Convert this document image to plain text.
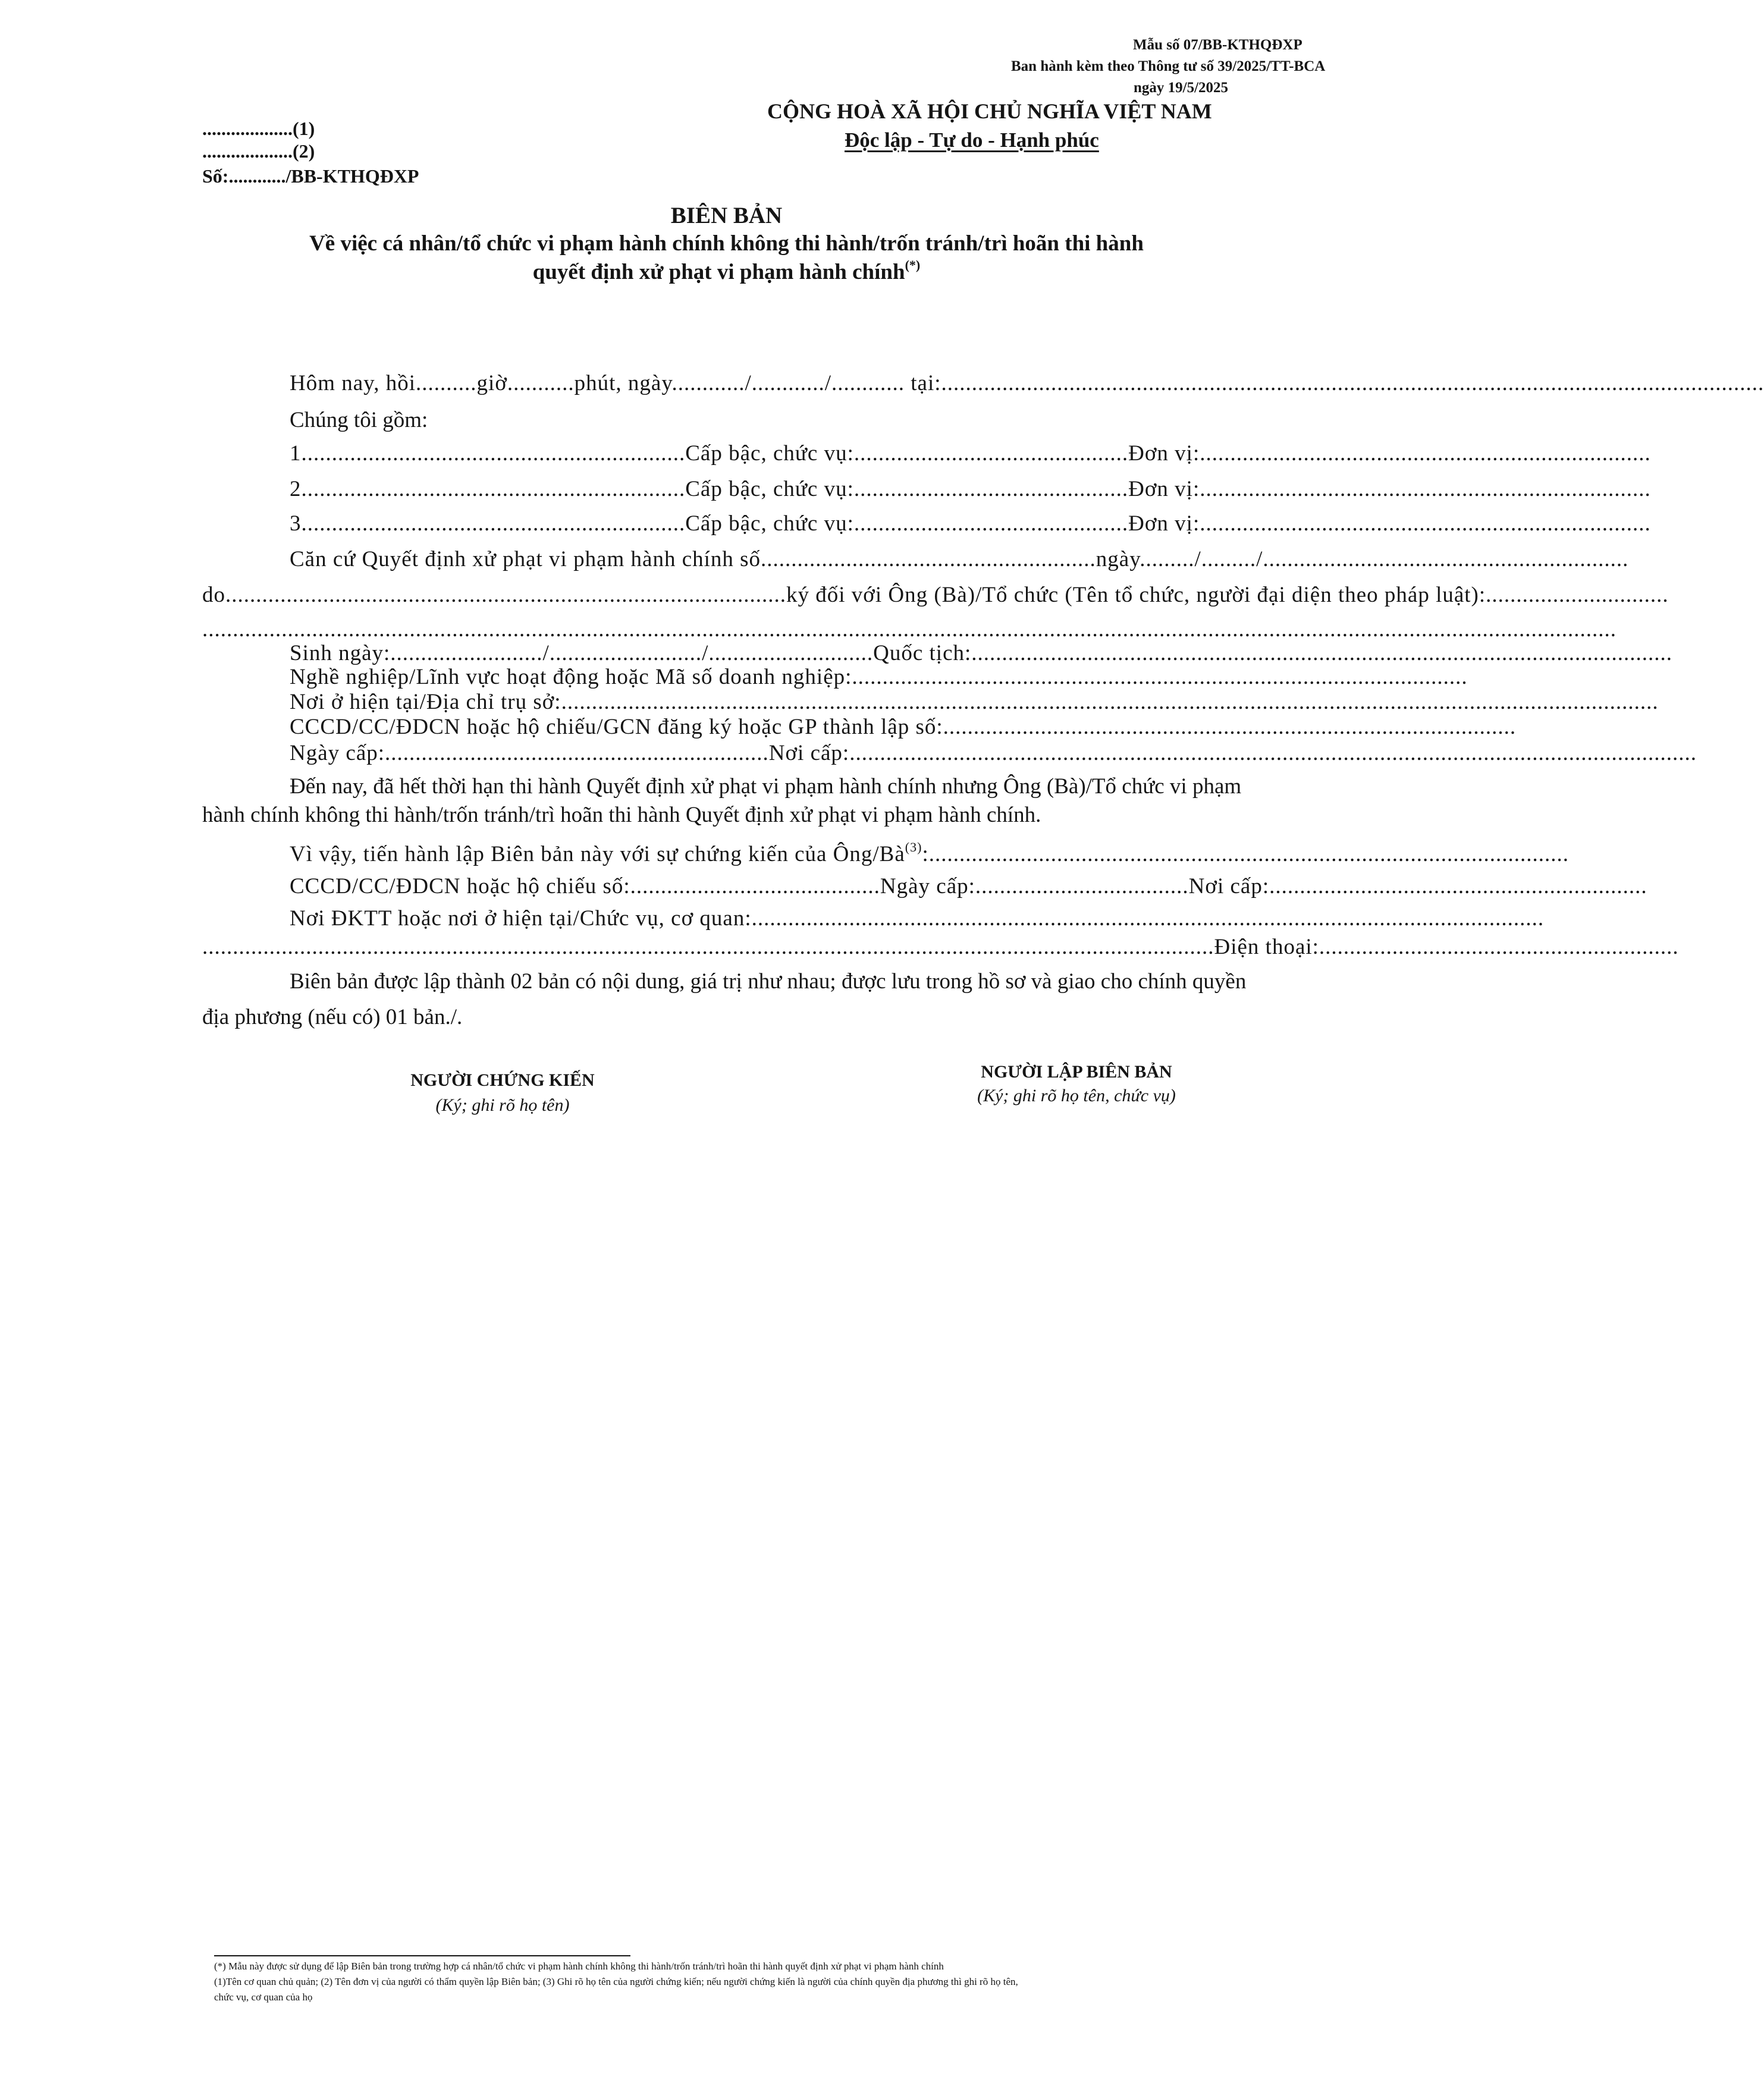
Mẫu số 07/BB-KTHQĐXP
Ban hành kèm theo Thông tư số 39/2025/TT-BCA
ngày 19/5/2025
...................(1)
...................(2)
Số:............/BB-KTHQĐXP
CỘNG HOÀ XÃ HỘI CHỦ NGHĨA VIỆT NAM
Độc lập - Tự do - Hạnh phúc
BIÊN BẢN
Về việc cá nhân/tổ chức vi phạm hành chính không thi hành/trốn tránh/trì hoãn thi hành
quyết định xử phạt vi phạm hành chính(*)
Hôm nay, hồi..........giờ...........phút, ngày............/............/............ tại:.......................................................................................................................................
Chúng tôi gồm:
1...............................................................Cấp bậc, chức vụ:.............................................Đơn vị:..........................................................................
2...............................................................Cấp bậc, chức vụ:.............................................Đơn vị:..........................................................................
3...............................................................Cấp bậc, chức vụ:.............................................Đơn vị:..........................................................................
Căn cứ Quyết định xử phạt vi phạm hành chính số.......................................................ngày........./........./............................................................
do............................................................................................ký đối với Ông (Bà)/Tổ chức (Tên tổ chức, người đại diện theo pháp luật):..............................
........................................................................................................................................................................................................................................
Sinh ngày:........................./........................./...........................Quốc tịch:...................................................................................................................
Nghề nghiệp/Lĩnh vực hoạt động hoặc Mã số doanh nghiệp:.....................................................................................................
Nơi ở hiện tại/Địa chỉ trụ sở:....................................................................................................................................................................................
CCCD/CC/ĐDCN hoặc hộ chiếu/GCN đăng ký hoặc GP thành lập số:..............................................................................................
Ngày cấp:...............................................................Nơi cấp:...........................................................................................................................................
Đến nay, đã hết thời hạn thi hành Quyết định xử phạt vi phạm hành chính nhưng Ông (Bà)/Tổ chức vi phạm
hành chính không thi hành/trốn tránh/trì hoãn thi hành Quyết định xử phạt vi phạm hành chính.
Vì vậy, tiến hành lập Biên bản này với sự chứng kiến của Ông/$Bà^{(3)}$:.........................................................................................................
CCCD/CC/ĐDCN hoặc hộ chiếu số:.........................................Ngày cấp:...................................Nơi cấp:..............................................................
Nơi ĐKTT hoặc nơi ở hiện tại/Chức vụ, cơ quan:..................................................................................................................................
......................................................................................................................................................................Điện thoại:...........................................................
Biên bản được lập thành 02 bản có nội dung, giá trị như nhau; được lưu trong hồ sơ và giao cho chính quyền
địa phương (nếu có) 01 bản./.
NGƯỜI CHỨNG KIẾN
(Ký; ghi rõ họ tên)
NGƯỜI LẬP BIÊN BẢN
(Ký; ghi rõ họ tên, chức vụ)
(*) Mẫu này được sử dụng để lập Biên bản trong trường hợp cá nhân/tổ chức vi phạm hành chính không thi hành/trốn tránh/trì hoãn thi hành quyết định xử phạt vi phạm hành chính
(1)Tên cơ quan chủ quản; (2) Tên đơn vị của người có thẩm quyền lập Biên bản; (3) Ghi rõ họ tên của người chứng kiến; nếu người chứng kiến là người của chính quyền địa phương thì ghi rõ họ tên,
chức vụ, cơ quan của họ
